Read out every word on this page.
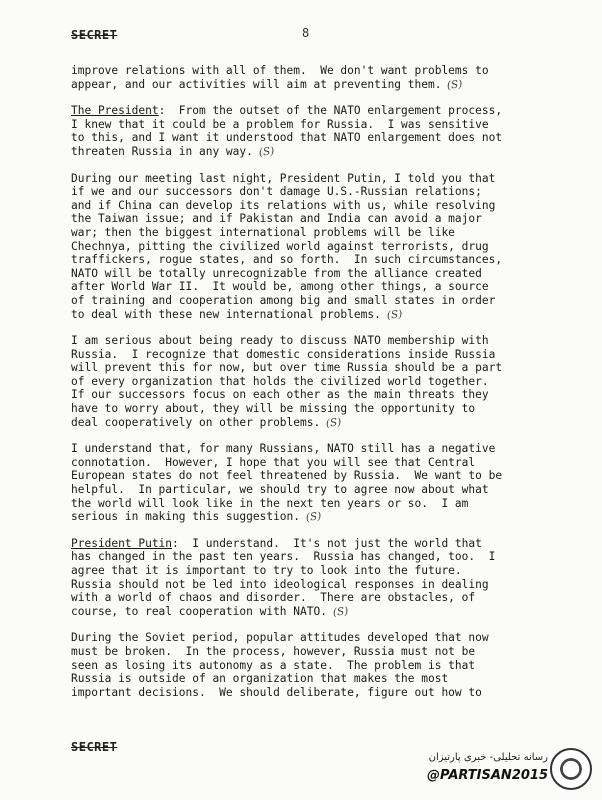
SECRET	8
improve relations with all of them.  We don't want problems to
appear, and our activities will aim at preventing them. (S)
The President:  From the outset of the NATO enlargement process,
I knew that it could be a problem for Russia.  I was sensitive
to this, and I want it understood that NATO enlargement does not
threaten Russia in any way. (S)
During our meeting last night, President Putin, I told you that
if we and our successors don't damage U.S.-Russian relations;
and if China can develop its relations with us, while resolving
the Taiwan issue; and if Pakistan and India can avoid a major
war; then the biggest international problems will be like
Chechnya, pitting the civilized world against terrorists, drug
traffickers, rogue states, and so forth.  In such circumstances,
NATO will be totally unrecognizable from the alliance created
after World War II.  It would be, among other things, a source
of training and cooperation among big and small states in order
to deal with these new international problems. (S)
I am serious about being ready to discuss NATO membership with
Russia.  I recognize that domestic considerations inside Russia
will prevent this for now, but over time Russia should be a part
of every organization that holds the civilized world together.
If our successors focus on each other as the main threats they
have to worry about, they will be missing the opportunity to
deal cooperatively on other problems. (S)
I understand that, for many Russians, NATO still has a negative
connotation.  However, I hope that you will see that Central
European states do not feel threatened by Russia.  We want to be
helpful.  In particular, we should try to agree now about what
the world will look like in the next ten years or so.  I am
serious in making this suggestion. (S)
President Putin:  I understand.  It's not just the world that
has changed in the past ten years.  Russia has changed, too.  I
agree that it is important to try to look into the future.
Russia should not be led into ideological responses in dealing
with a world of chaos and disorder.  There are obstacles, of
course, to real cooperation with NATO. (S)
During the Soviet period, popular attitudes developed that now
must be broken.  In the process, however, Russia must not be
seen as losing its autonomy as a state.  The problem is that
Russia is outside of an organization that makes the most
important decisions.  We should deliberate, figure out how to
SECRET
رسانه تحلیلی- خبری پارتیزان
@PARTISAN2015
